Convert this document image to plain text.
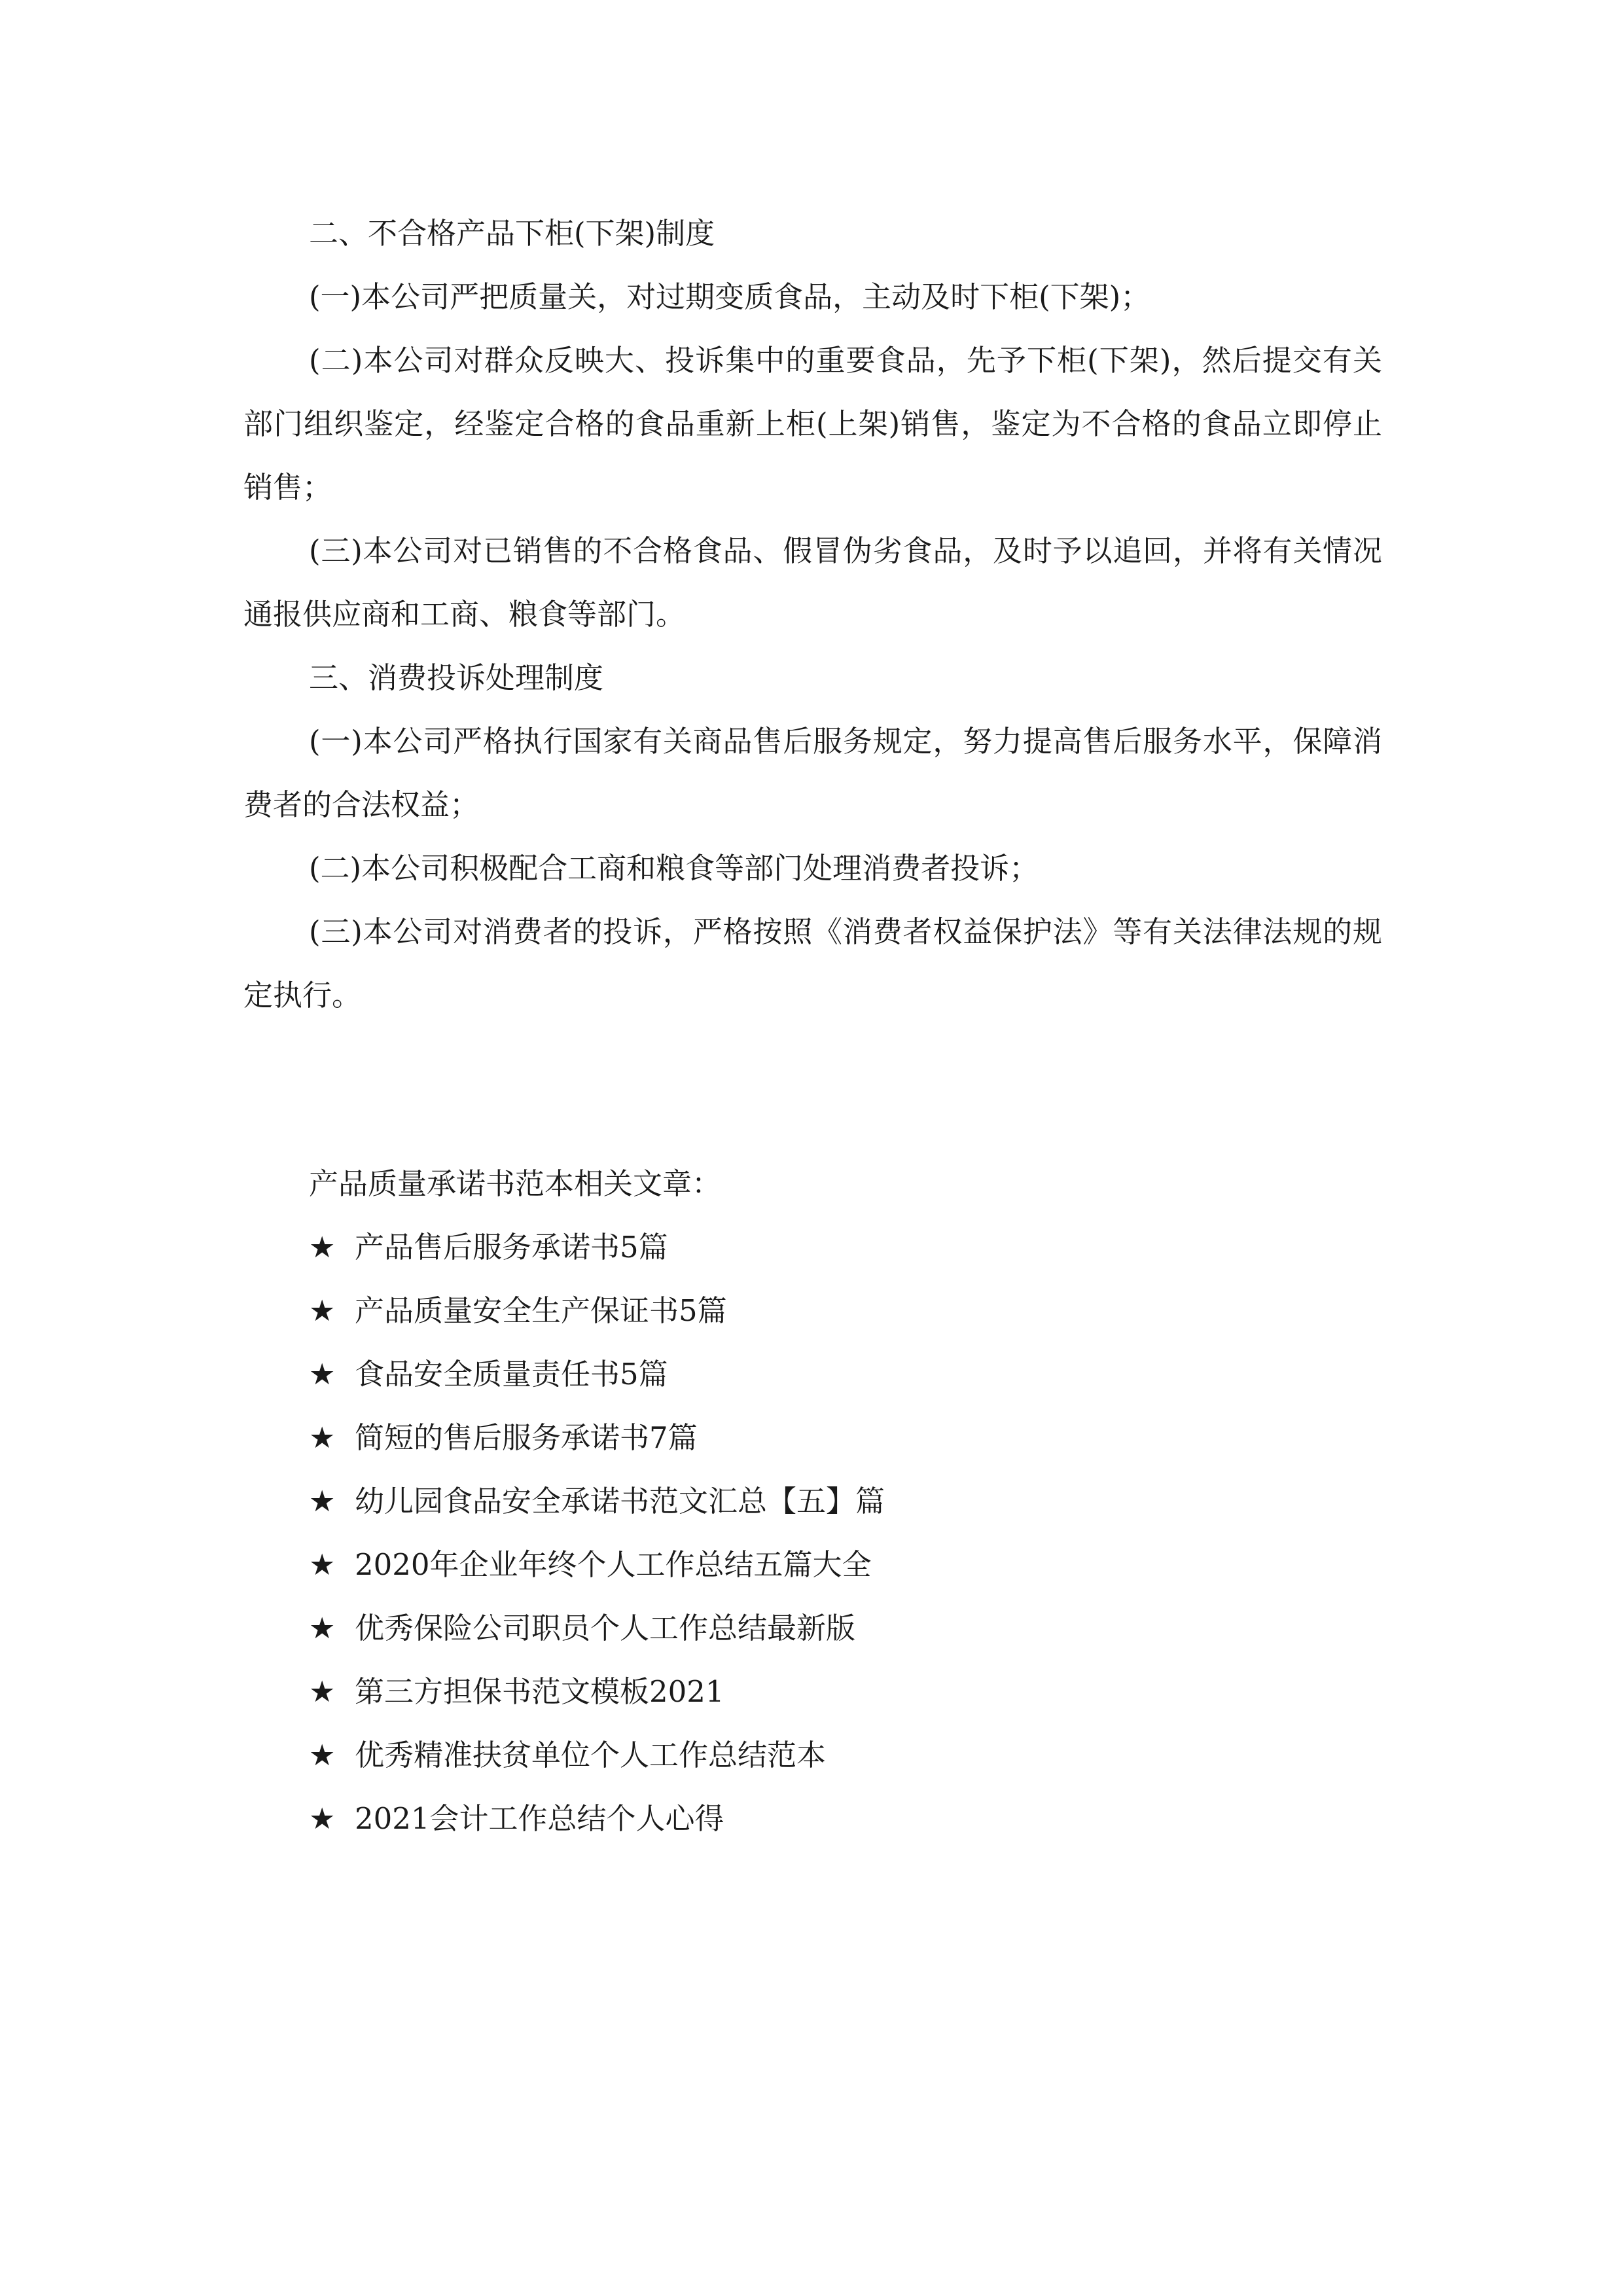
二、不合格产品下柜(下架)制度

(一)本公司严把质量关，对过期变质食品，主动及时下柜(下架)；

(二)本公司对群众反映大、投诉集中的重要食品，先予下柜(下架)，然后提交有关部门组织鉴定，经鉴定合格的食品重新上柜(上架)销售，鉴定为不合格的食品立即停止销售；

(三)本公司对已销售的不合格食品、假冒伪劣食品，及时予以追回，并将有关情况通报供应商和工商、粮食等部门。

三、消费投诉处理制度

(一)本公司严格执行国家有关商品售后服务规定，努力提高售后服务水平，保障消费者的合法权益；

(二)本公司积极配合工商和粮食等部门处理消费者投诉；

(三)本公司对消费者的投诉，严格按照《消费者权益保护法》等有关法律法规的规定执行。

产品质量承诺书范本相关文章：

★ 产品售后服务承诺书5篇
★ 产品质量安全生产保证书5篇
★ 食品安全质量责任书5篇
★ 简短的售后服务承诺书7篇
★ 幼儿园食品安全承诺书范文汇总【五】篇
★ 2020年企业年终个人工作总结五篇大全
★ 优秀保险公司职员个人工作总结最新版
★ 第三方担保书范文模板2021
★ 优秀精准扶贫单位个人工作总结范本
★ 2021会计工作总结个人心得
